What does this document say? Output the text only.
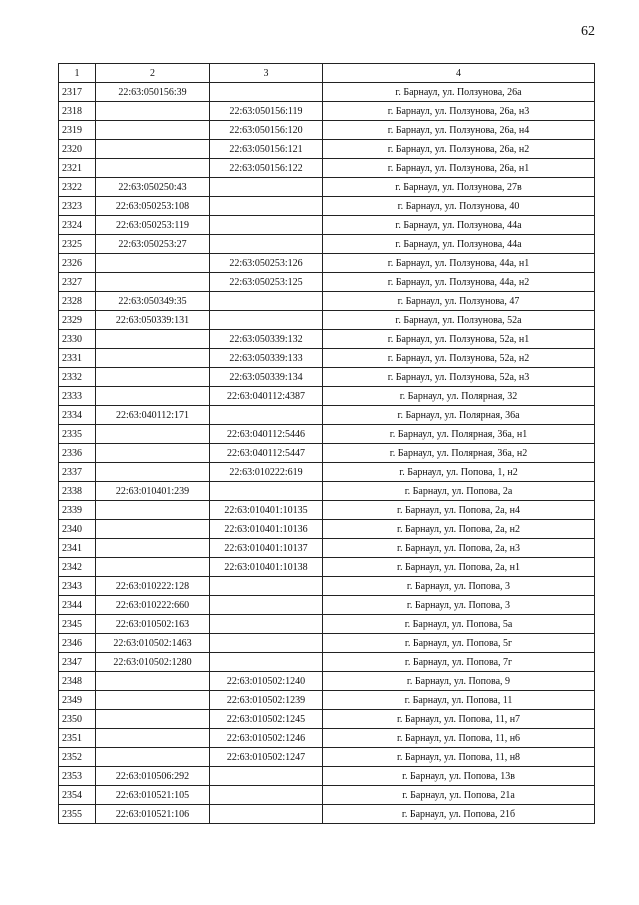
62
1	2	3	4
2317	22:63:050156:39		г. Барнаул, ул. Ползунова, 26а
2318		22:63:050156:119	г. Барнаул, ул. Ползунова, 26а, н3
2319		22:63:050156:120	г. Барнаул, ул. Ползунова, 26а, н4
2320		22:63:050156:121	г. Барнаул, ул. Ползунова, 26а, н2
2321		22:63:050156:122	г. Барнаул, ул. Ползунова, 26а, н1
2322	22:63:050250:43		г. Барнаул, ул. Ползунова, 27в
2323	22:63:050253:108		г. Барнаул, ул. Ползунова, 40
2324	22:63:050253:119		г. Барнаул, ул. Ползунова, 44а
2325	22:63:050253:27		г. Барнаул, ул. Ползунова, 44а
2326		22:63:050253:126	г. Барнаул, ул. Ползунова, 44а, н1
2327		22:63:050253:125	г. Барнаул, ул. Ползунова, 44а, н2
2328	22:63:050349:35		г. Барнаул, ул. Ползунова, 47
2329	22:63:050339:131		г. Барнаул, ул. Ползунова, 52а
2330		22:63:050339:132	г. Барнаул, ул. Ползунова, 52а, н1
2331		22:63:050339:133	г. Барнаул, ул. Ползунова, 52а, н2
2332		22:63:050339:134	г. Барнаул, ул. Ползунова, 52а, н3
2333		22:63:040112:4387	г. Барнаул, ул. Полярная, 32
2334	22:63:040112:171		г. Барнаул, ул. Полярная, 36а
2335		22:63:040112:5446	г. Барнаул, ул. Полярная, 36а, н1
2336		22:63:040112:5447	г. Барнаул, ул. Полярная, 36а, н2
2337		22:63:010222:619	г. Барнаул, ул. Попова, 1, н2
2338	22:63:010401:239		г. Барнаул, ул. Попова, 2а
2339		22:63:010401:10135	г. Барнаул, ул. Попова, 2а, н4
2340		22:63:010401:10136	г. Барнаул, ул. Попова, 2а, н2
2341		22:63:010401:10137	г. Барнаул, ул. Попова, 2а, н3
2342		22:63:010401:10138	г. Барнаул, ул. Попова, 2а, н1
2343	22:63:010222:128		г. Барнаул, ул. Попова, 3
2344	22:63:010222:660		г. Барнаул, ул. Попова, 3
2345	22:63:010502:163		г. Барнаул, ул. Попова, 5а
2346	22:63:010502:1463		г. Барнаул, ул. Попова, 5г
2347	22:63:010502:1280		г. Барнаул, ул. Попова, 7г
2348		22:63:010502:1240	г. Барнаул, ул. Попова, 9
2349		22:63:010502:1239	г. Барнаул, ул. Попова, 11
2350		22:63:010502:1245	г. Барнаул, ул. Попова, 11, н7
2351		22:63:010502:1246	г. Барнаул, ул. Попова, 11, н6
2352		22:63:010502:1247	г. Барнаул, ул. Попова, 11, н8
2353	22:63:010506:292		г. Барнаул, ул. Попова, 13в
2354	22:63:010521:105		г. Барнаул, ул. Попова, 21а
2355	22:63:010521:106		г. Барнаул, ул. Попова, 21б
